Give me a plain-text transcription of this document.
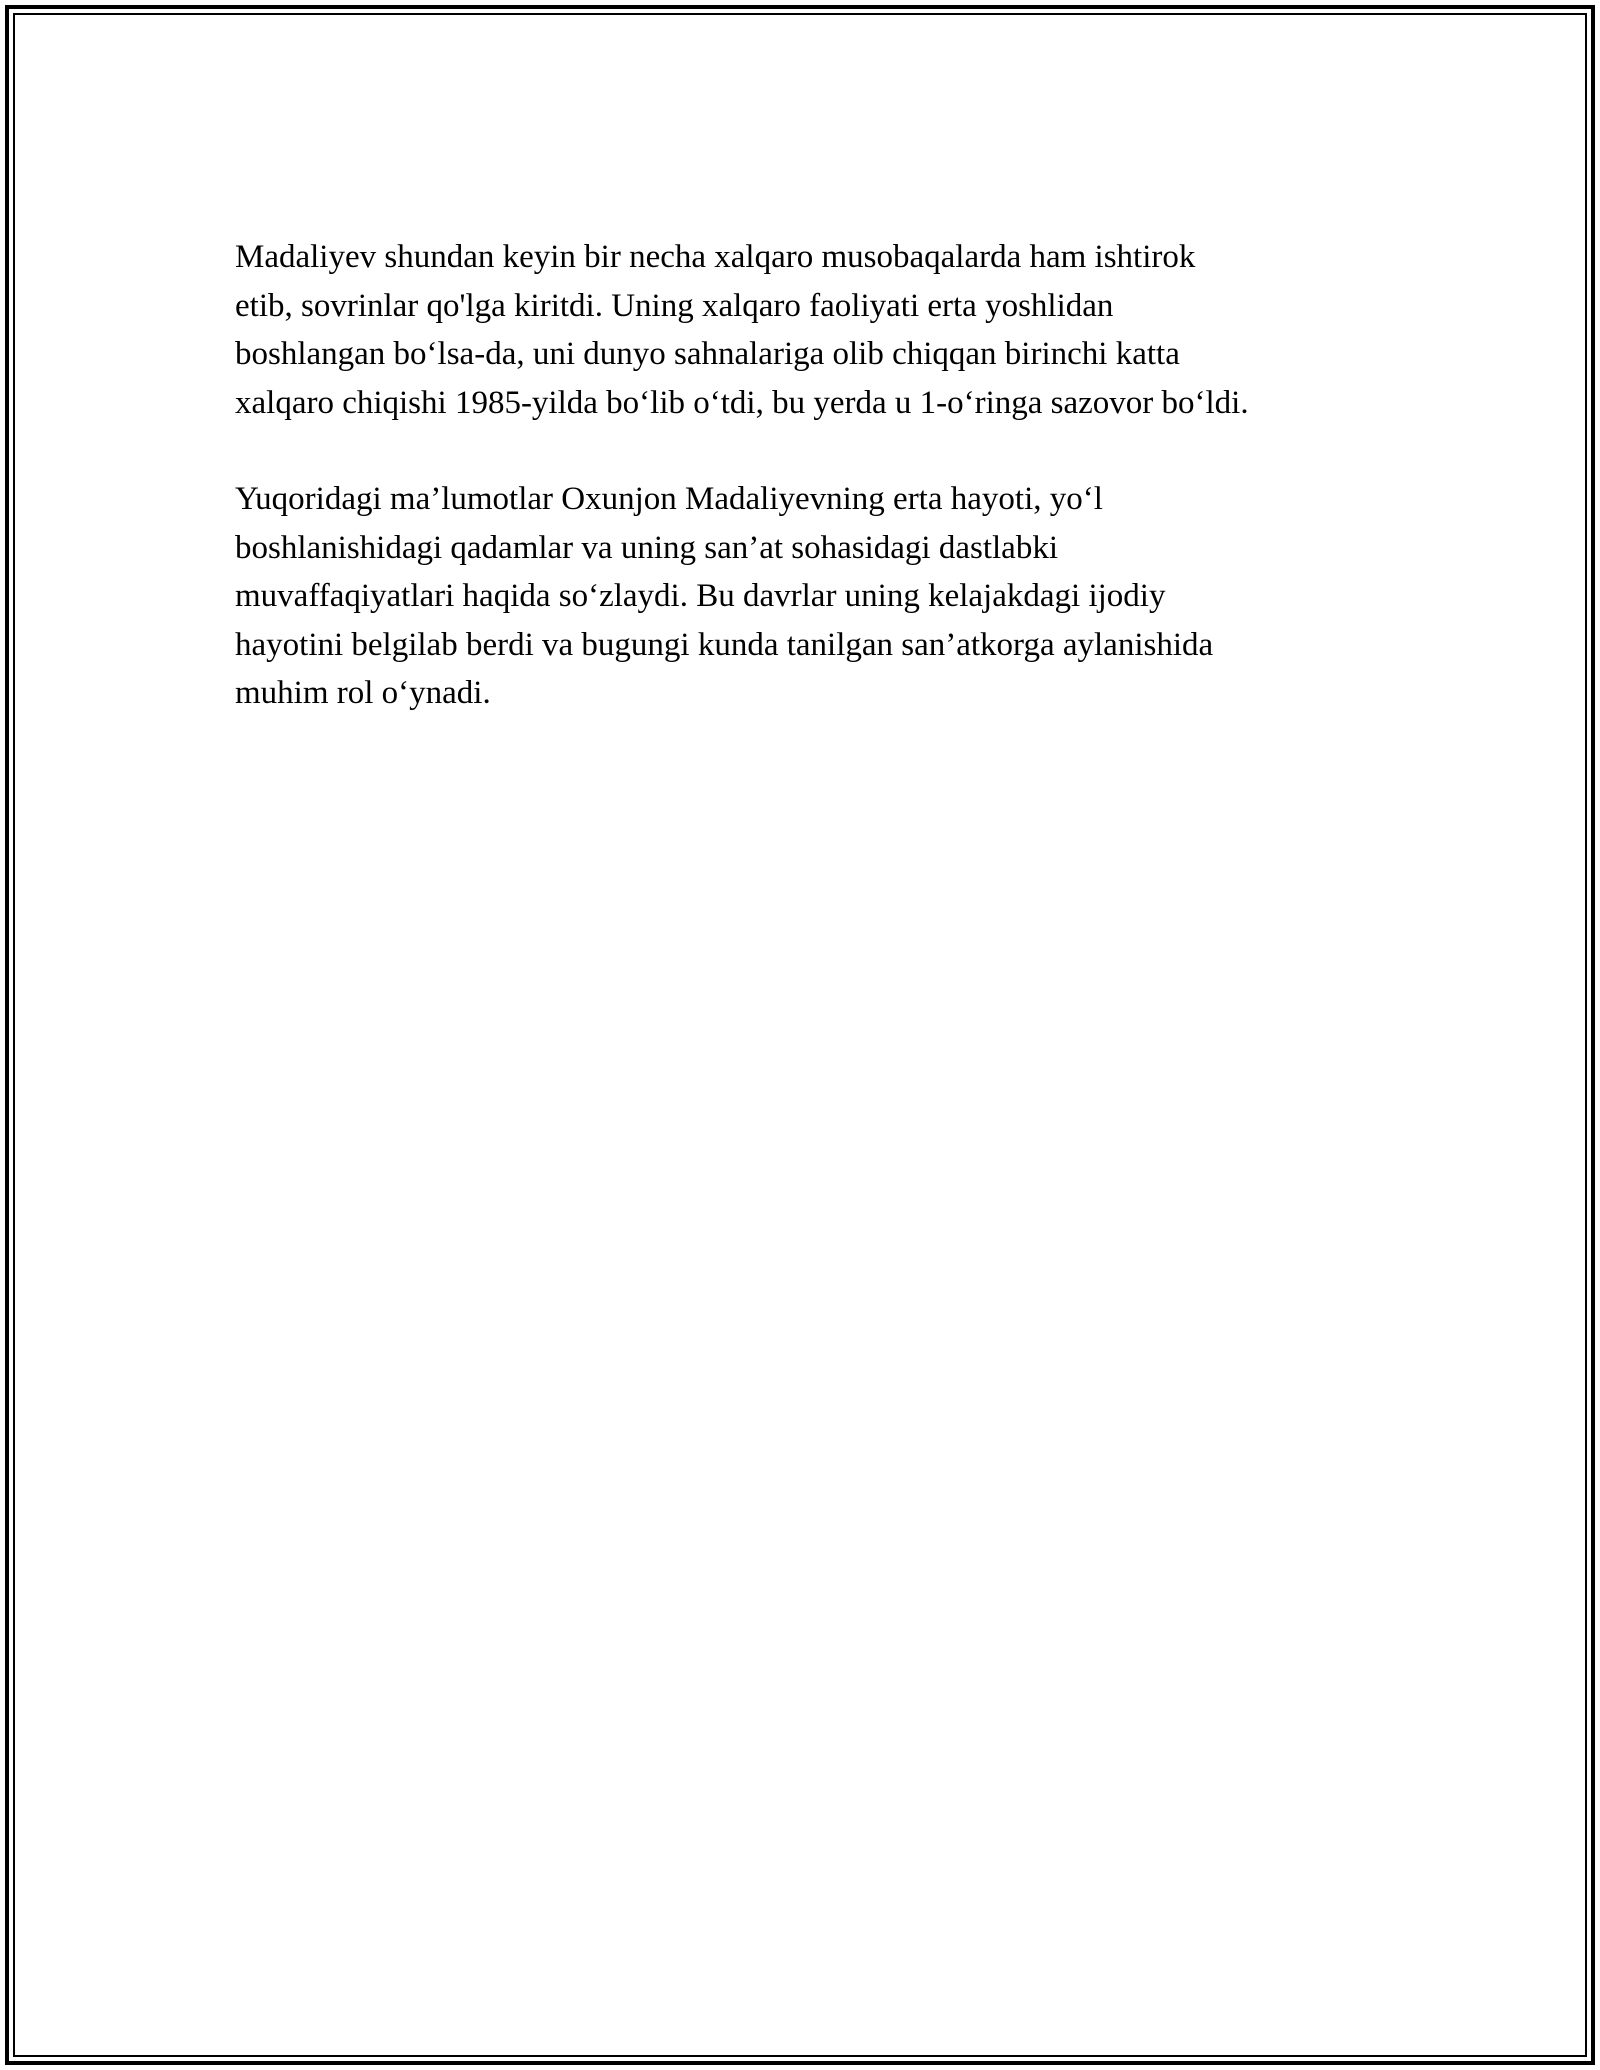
Madaliyev shundan keyin bir necha xalqaro musobaqalarda ham ishtirok
etib, sovrinlar qo'lga kiritdi. Uning xalqaro faoliyati erta yoshlidan
boshlangan bo‘lsa-da, uni dunyo sahnalariga olib chiqqan birinchi katta
xalqaro chiqishi 1985-yilda bo‘lib o‘tdi, bu yerda u 1-o‘ringa sazovor bo‘ldi.

Yuqoridagi ma’lumotlar Oxunjon Madaliyevning erta hayoti, yo‘l
boshlanishidagi qadamlar va uning san’at sohasidagi dastlabki
muvaffaqiyatlari haqida so‘zlaydi. Bu davrlar uning kelajakdagi ijodiy
hayotini belgilab berdi va bugungi kunda tanilgan san’atkorga aylanishida
muhim rol o‘ynadi.
